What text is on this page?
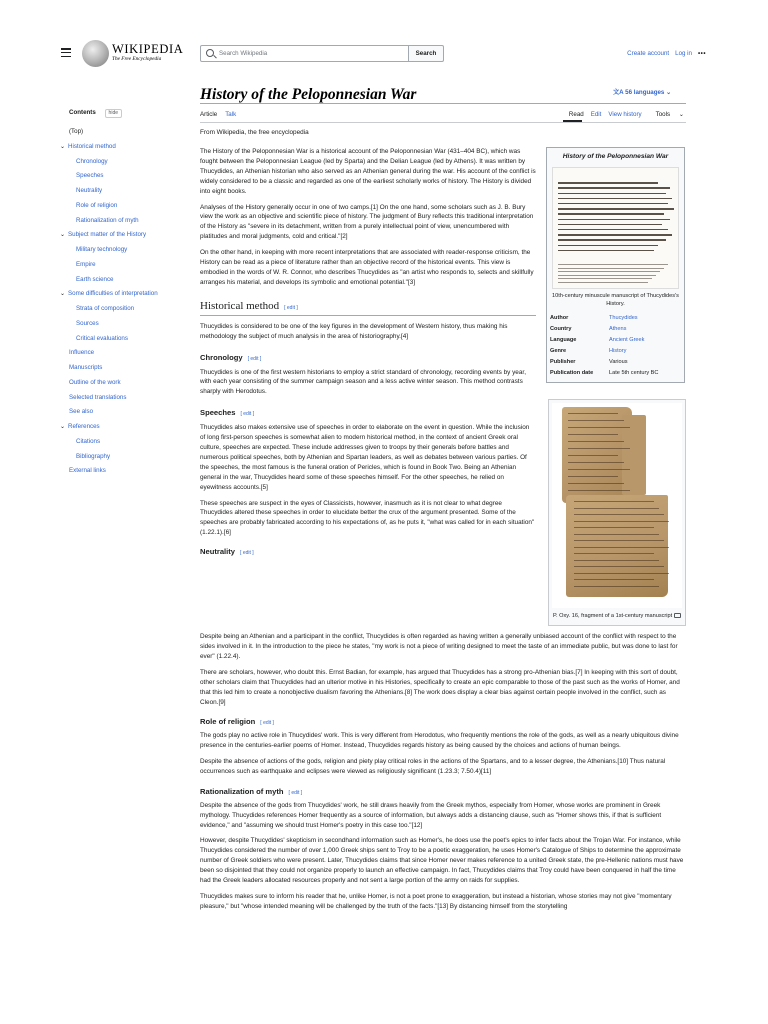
WIKIPEDIA
The Free Encyclopedia
Search Wikipedia
Search	Create account Log in •••
Contents	hide
(Top)
⌄ Historical method
Chronology
Speeches
Neutrality
Role of religion
Rationalization of myth
⌄ Subject matter of the History
Military technology
Empire
Earth science
⌄ Some difficulties of interpretation
Strata of composition
Sources
Critical evaluations
Influence
Manuscripts
Outline of the work
Selected translations
See also
⌄ References
Citations
Bibliography
External links
History of the Peloponnesian War	文A 56 languages ⌄
Article Talk	Read Edit View history Tools ⌄

From Wikipedia, the free encyclopedia

The History of the Peloponnesian War is a historical account of the Peloponnesian War (431–404 BC), which was fought between the Peloponnesian League (led by Sparta) and the Delian League (led by Athens). It was written by Thucydides, an Athenian historian who also served as an Athenian general during the war. His account of the conflict is widely considered to be a classic and regarded as one of the earliest scholarly works of history. The History is divided into eight books.

Analyses of the History generally occur in one of two camps.[1] On the one hand, some scholars such as J. B. Bury view the work as an objective and scientific piece of history. The judgment of Bury reflects this traditional interpretation of the History as "severe in its detachment, written from a purely intellectual point of view, unencumbered with platitudes and moral judgments, cold and critical."[2]

On the other hand, in keeping with more recent interpretations that are associated with reader-response criticism, the History can be read as a piece of literature rather than an objective record of the historical events. This view is embodied in the words of W. R. Connor, who describes Thucydides as "an artist who responds to, selects and skillfully arranges his material, and develops its symbolic and emotional potential."[3]

Historical method [ edit ]

Thucydides is considered to be one of the key figures in the development of Western history, thus making his methodology the subject of much analysis in the area of historiography.[4]

Chronology [ edit ]

Thucydides is one of the first western historians to employ a strict standard of chronology, recording events by year, with each year consisting of the summer campaign season and a less active winter season. This method contrasts sharply with Herodotus.

Speeches [ edit ]

Thucydides also makes extensive use of speeches in order to elaborate on the event in question. While the inclusion of long first-person speeches is somewhat alien to modern historical method, in the context of ancient Greek oral culture, speeches are expected. These include addresses given to troops by their generals before battles and numerous political speeches, both by Athenian and Spartan leaders, as well as debates between various parties. Of the speeches, the most famous is the funeral oration of Pericles, which is found in Book Two. Being an Athenian general in the war, Thucydides heard some of these speeches himself. For the other speeches, he relied on eyewitness accounts.[5]

These speeches are suspect in the eyes of Classicists, however, inasmuch as it is not clear to what degree Thucydides altered these speeches in order to elucidate better the crux of the argument presented. Some of the speeches are probably fabricated according to his expectations of, as he puts it, "what was called for in each situation" (1.22.1).[6]

Neutrality [ edit ]

Despite being an Athenian and a participant in the conflict, Thucydides is often regarded as having written a generally unbiased account of the conflict with respect to the sides involved in it. In the introduction to the piece he states, "my work is not a piece of writing designed to meet the taste of an immediate public, but was done to last for ever" (1.22.4).

There are scholars, however, who doubt this. Ernst Badian, for example, has argued that Thucydides has a strong pro-Athenian bias.[7] In keeping with this sort of doubt, other scholars claim that Thucydides had an ulterior motive in his Histories, specifically to create an epic comparable to those of the past such as the works of Homer, and that this led him to create a nonobjective dualism favoring the Athenians.[8] The work does display a clear bias against certain people involved in the conflict, such as Cleon.[9]

Role of religion [ edit ]

The gods play no active role in Thucydides' work. This is very different from Herodotus, who frequently mentions the role of the gods, as well as a nearly ubiquitous divine presence in the centuries-earlier poems of Homer. Instead, Thucydides regards history as being caused by the choices and actions of human beings.

Despite the absence of actions of the gods, religion and piety play critical roles in the actions of the Spartans, and to a lesser degree, the Athenians.[10] Thus natural occurrences such as earthquake and eclipses were viewed as religiously significant (1.23.3; 7.50.4)[11]

Rationalization of myth [ edit ]

Despite the absence of the gods from Thucydides' work, he still draws heavily from the Greek mythos, especially from Homer, whose works are prominent in Greek mythology. Thucydides references Homer frequently as a source of information, but always adds a distancing clause, such as "Homer shows this, if that is sufficient evidence," and "assuming we should trust Homer's poetry in this case too."[12]

However, despite Thucydides' skepticism in secondhand information such as Homer's, he does use the poet's epics to infer facts about the Trojan War. For instance, while Thucydides considered the number of over 1,000 Greek ships sent to Troy to be a poetic exaggeration, he uses Homer's Catalogue of Ships to determine the approximate number of Greek soldiers who were present. Later, Thucydides claims that since Homer never makes reference to a united Greek state, the pre-Hellenic nations must have been so disjointed that they could not organize properly to launch an effective campaign. In fact, Thucydides claims that Troy could have been conquered in half the time had the Greek leaders allocated resources properly and not sent a large portion of the army on raids for supplies.

Thucydides makes sure to inform his reader that he, unlike Homer, is not a poet prone to exaggeration, but instead a historian, whose stories may not give "momentary pleasure," but "whose intended meaning will be challenged by the truth of the facts."[13] By distancing himself from the storytelling

History of the Peloponnesian War
10th-century minuscule manuscript of Thucydides's History.
Author	Thucydides
Country	Athens
Language	Ancient Greek
Genre	History
Publisher	Various
Publication date	Late 5th century BC
P. Oxy. 16, fragment of a 1st-century manuscript
